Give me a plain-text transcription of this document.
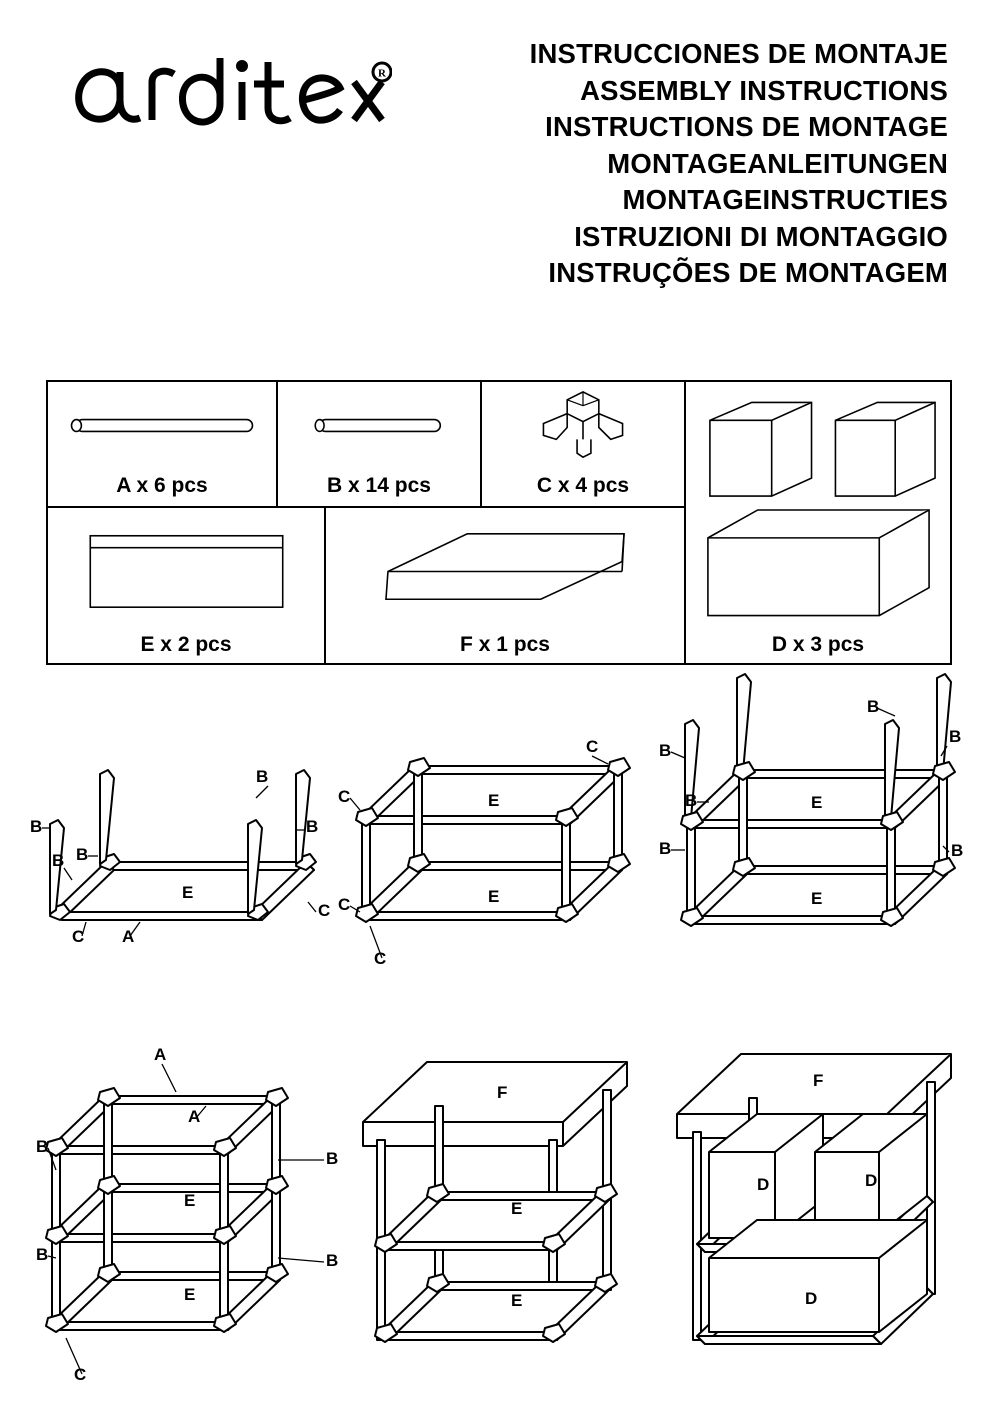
R
INSTRUCCIONES DE MONTAJE
ASSEMBLY INSTRUCTIONS
INSTRUCTIONS DE MONTAGE
MONTAGEANLEITUNGEN
MONTAGEINSTRUCTIES
ISTRUZIONI DI MONTAGGIO
INSTRUÇÕES DE MONTAGEM
A x 6 pcs	B x 14 pcs	C x 4 pcs
E x 2 pcs	F x 1 pcs	D x 3 pcs
B
B
B
B
B
C
C
A
E
C
C
C
C
E
E
B
B
B
B
B	B
E
E
A
A
B
B
B	B
C
E
E
F
E
E
F
D	D
D
